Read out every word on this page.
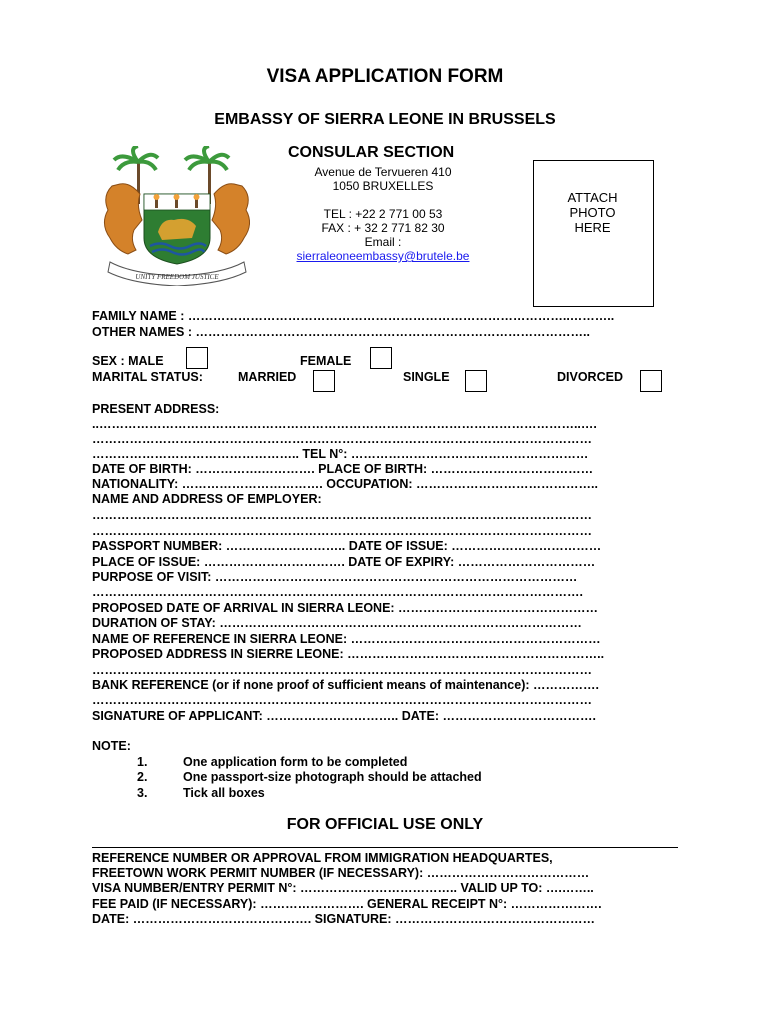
VISA APPLICATION FORM
EMBASSY OF SIERRA LEONE IN BRUSSELS
CONSULAR SECTION
Avenue de Tervueren 410
1050 BRUXELLES
TEL : +22 2 771 00 53
FAX : + 32 2 771 82 30
Email :
sierraleoneembassy@brutele.be
UNITY FREEDOM JUSTICE
ATTACH
PHOTO
HERE
FAMILY NAME : ………………………………………………………………………………..………..
OTHER NAMES : …………………………………………………………………………………..
SEX : MALE	FEMALE
MARITAL STATUS:	MARRIED	SINGLE	DIVORCED
PRESENT ADDRESS:
..……………………………………………………………………………………………………..….
…………………………………………………………………………………………………………
………………………………………….. TEL N°: …………………………………………………
DATE OF BIRTH: …………….…………. PLACE OF BIRTH: …………………………………
NATIONALITY: ……………………………. OCCUPATION: ……………………………………..
NAME AND ADDRESS OF EMPLOYER:
…………………………………………………………………………………………………………
…………………………………………………………………………………………………………
PASSPORT NUMBER: ……………………….. DATE OF ISSUE: ………………………………
PLACE OF ISSUE: ……………………………. DATE OF EXPIRY: ……………………………
PURPOSE OF VISIT: ……………………………………………………………………………
……………………………………………………………………………………………………….
PROPOSED DATE OF ARRIVAL IN SIERRA LEONE: …………………………………………
DURATION OF STAY: ……………………………………………………………………………
NAME OF REFERENCE IN SIERRA LEONE: ……………………………………………………
PROPOSED ADDRESS IN SIERRE LEONE: ……………………………………………………..
…………………………………………………………………………………………………………
BANK REFERENCE (or if none proof of sufficient means of maintenance): …………….
…………………………………………………………………………………………………………
SIGNATURE OF APPLICANT: ………………………….. DATE: ……………………………….
NOTE:
1.	One application form to be completed
2.	One passport-size photograph should be attached
3.	Tick all boxes
FOR OFFICIAL USE ONLY
REFERENCE NUMBER OR APPROVAL FROM IMMIGRATION HEADQUARTES,
FREETOWN WORK PERMIT NUMBER (IF NECESSARY): …………………………………
VISA NUMBER/ENTRY PERMIT N°: ……………………………….. VALID UP TO: ….……..
FEE PAID (IF NECESSARY): ……………………. GENERAL RECEIPT N°: ………………….
DATE: ……………………………………. SIGNATURE: …………………………………………
